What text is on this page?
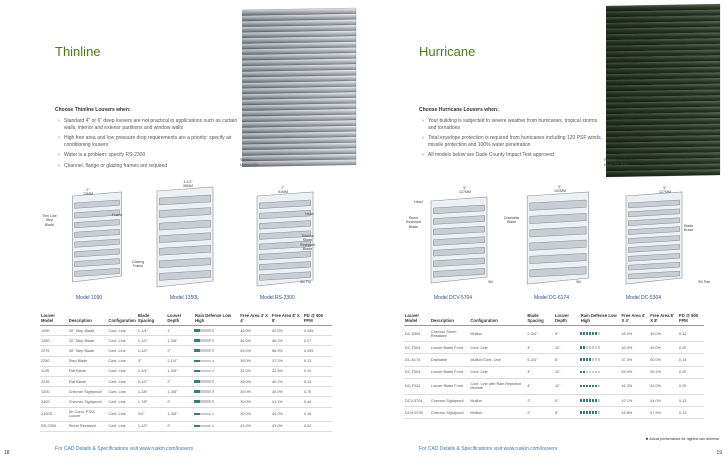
Thinline
Choose Thinline Louvers when:
› Standard 4" or 6" deep louvers are not practical in applications such as curtain walls, interior and exterior partitions and window walls
› High free area and low pressure drop requirements are a priority: specify air conditioning louvers
› Water is a problem: specify RS-2300
› Channel, flange or glazing frames are required
Shown:
Model 2251
2"
25MM
1-1/2"
38MM	2"
51MM
Thin Line
Step
Blade
Frame
Glazing
Frame
Head
Thinline
Storm
Resistant
Blade
Sill Fin
Model 1090	Model 1350L	Model RS-2300
Louver Model	Description	Configuration	Blade Spacing	Louver Depth	Rain Defense Low High	Free Area 4' X 4'	Free Area 8' X 8'	PD @ 900 FPM
1090	30° Step Blade	Cont. Line	1-1/4"	1"		46.0%	52.5%	0.095
1350	30° Step Blade	Cont. Line	1-1/2"	1-3/8"		46.0%	46.2%	0.07
2275	30° Step Blade	Cont. Line	1-1/2"	2"		53.0%	56.9%	0.095
2250	Step Blade	Cont. Line	3"	2-1/4"		39.0%	37.2%	0.13
1135	Flat Blade	Cont. Line	1-3/4"	1-3/8"		32.0%	32.5%	0.10
2235	Flat Blade	Cont. Line	2-1/2"	2"		39.0%	40.2%	0.13
1200	Chevron Sightproof	Cont. Line	1-1/8"	1-3/8"		39.0%	40.0%	0.75
2400	Chevron Sightproof	Cont. Line	1-7/8"	2"		39.0%	41.1%	0.44
3100S	Air Cond. PTAC Louver	Cont. Line	3/4"	1-3/8"		39.0%	39.0%	0.16
RS-2300	Storm Resistant	Cont. Line	1-1/2"	2"		43.0%	43.0%	0.32
For CAD Details & Specifications visit www.ruskin.com/louvers
18
Hurricane
Choose Hurricane Louvers when:
› Your building is subjected to severe weather from hurricanes, tropical storms and tornadoes
› Total envelope protection is required from hurricanes including 120 PSF winds, missile protection and 100% water penetration
› All models below are Dade County Impact Test approved
Shown:
Model DC-5304
5"
127MM
6"
152MM
5"
127MM
Head
Storm
Resistant
Blade
Drainable
Blade
Blade
Brace
Sill	Sill	Sill Pan
Model DCV-5704	Model DC-6174	Model DC-5304
Louver Model	Description	Configuration	Blade Spacing	Louver Depth	Rain Defense Low High	Free Area 4' X 4'	Free Area 8' X 8'	PD @ 900 FPM
DC-5304	Chevron Storm Resistant	Mullion	2-3/4"	5"		45.0%	49.0%	0.12
DC-F004	Louver Blade Front	Cont. Line	4"	11"		40.0%	49.0%	0.20
DC-6174	Drainable	Mullion/Cont. Line	5-3/4"	6"		37.0%	60.0%	0.14
DC-F004	Louver Blade Front	Cont. Line	4"	11"		54.0%	55.1%	0.20
DC-F024	Louver Blade Front	Cont. Line with Rain Rejection Module	4"	11"		41.3%	42.0%	0.25
DCV-5704	Chevron Sightproof	Mullion	2"	5"		42.1%	44.0%	0.13
DCH-5700	Chevron Sightproof	Mullion	2"	5"		45.8%	47.9%	0.13
✱ Actual performance for highest rain defense.
For CAD Details & Specifications visit www.ruskin.com/louvers
19
